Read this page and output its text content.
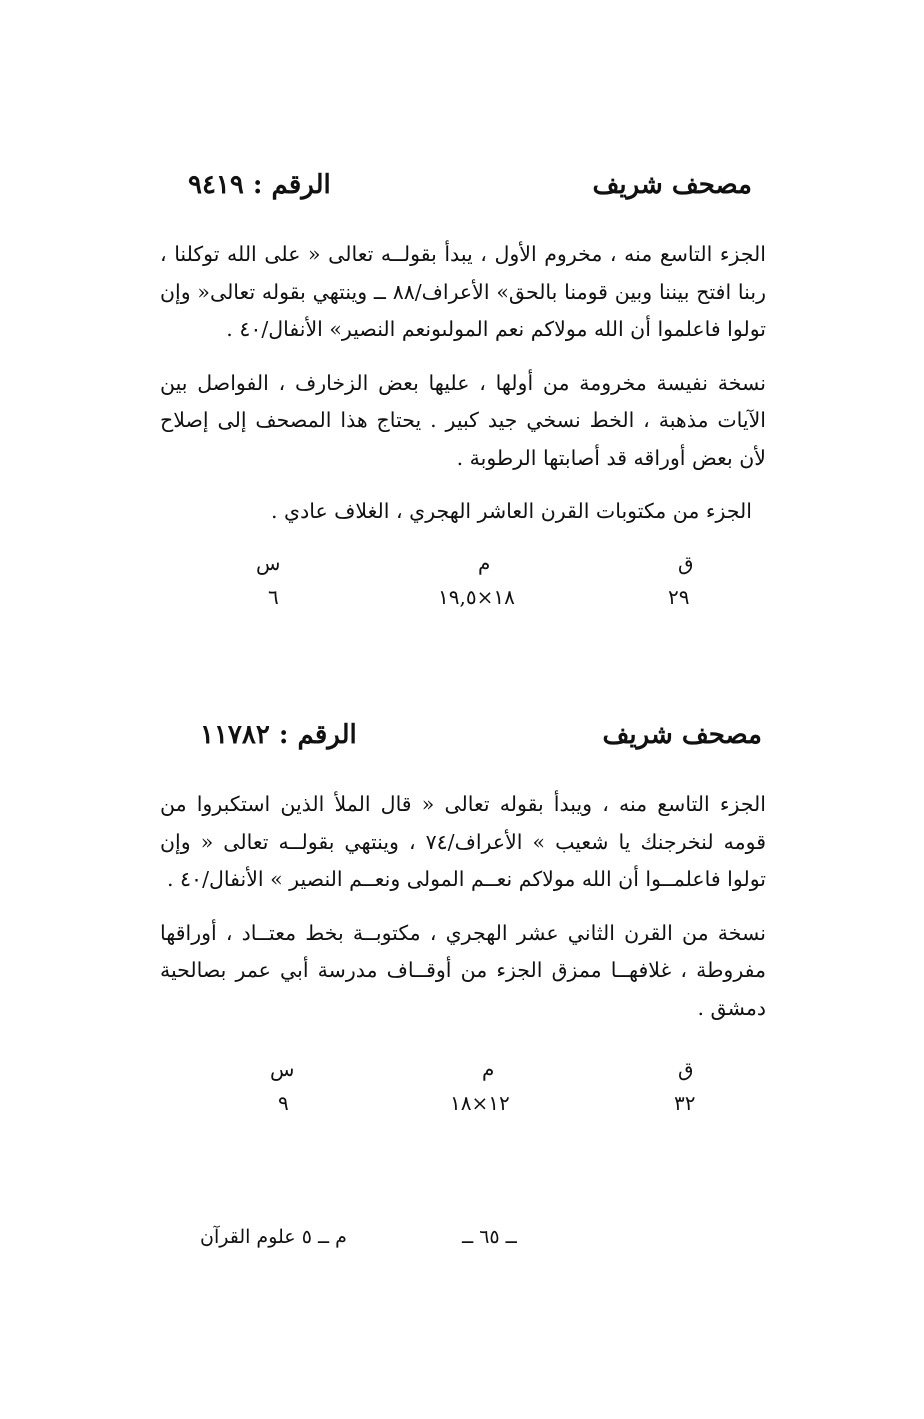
مصحف شريف
الرقم : ٩٤١٩

الجزء التاسع منه ، مخروم الأول ، يبدأ بقولــه تعالى « على الله توكلنا ، ربنا افتح بيننا وبين قومنا بالحق» الأعراف/٨٨ ــ وينتهي بقوله تعالى« وإن تولوا فاعلموا أن الله مولاكم نعم المولىونعم النصير» الأنفال/٤٠ .

نسخة نفيسة مخرومة من أولها ، عليها بعض الزخارف ، الفواصل بين الآيات مذهبة ، الخط نسخي جيد كبير . يحتاج هذا المصحف إلى إصلاح لأن بعض أوراقه قد أصابتها الرطوبة .

الجزء من مكتوبات القرن العاشر الهجري ، الغلاف عادي .
ق
م
س
٢٩
١٨×١٩,٥
٦
مصحف شريف
الرقم : ١١٧٨٢

الجزء التاسع منه ، ويبدأ بقوله تعالى « قال الملأ الذين استكبروا من قومه لنخرجنك يا شعيب » الأعراف/٧٤ ، وينتهي بقولــه تعالى « وإن تولوا فاعلمــوا أن الله مولاكم نعــم المولى ونعــم النصير » الأنفال/٤٠ .

نسخة من القرن الثاني عشر الهجري ، مكتوبــة بخط معتــاد ، أوراقها مفروطة ، غلافهــا ممزق الجزء من أوقــاف مدرسة أبي عمر بصالحية دمشق .

ق
م
س
٣٢
١٢×١٨
٩
م ــ ٥ علوم القرآن	ــ ٦٥ ــ
